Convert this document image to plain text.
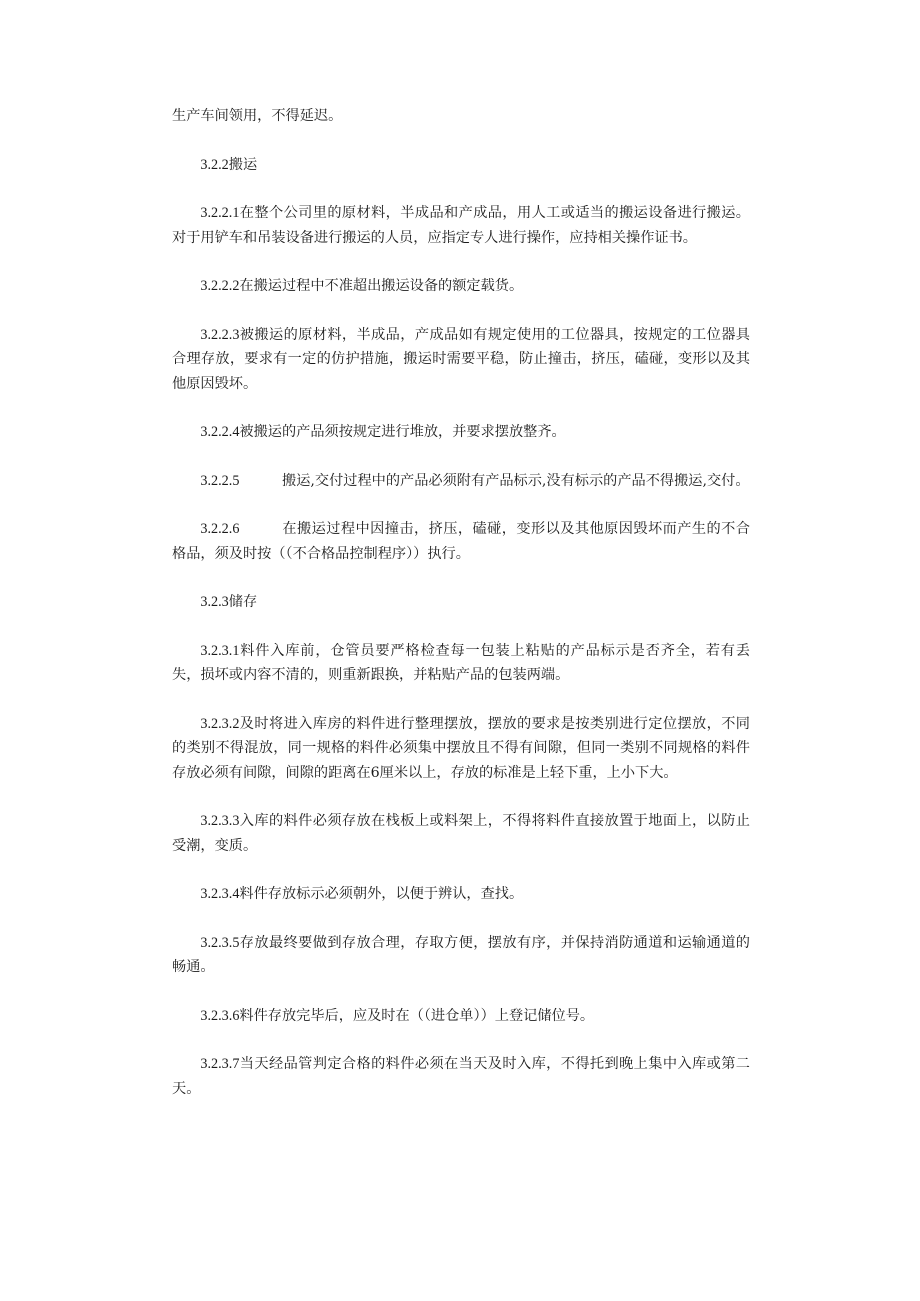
生产车间领用，不得延迟。

3.2.2搬运

3.2.2.1在整个公司里的原材料，半成品和产成品，用人工或适当的搬运设备进行搬运。对于用铲车和吊装设备进行搬运的人员，应指定专人进行操作，应持相关操作证书。

3.2.2.2在搬运过程中不准超出搬运设备的额定载货。

3.2.2.3被搬运的原材料，半成品，产成品如有规定使用的工位器具，按规定的工位器具合理存放，要求有一定的仿护措施，搬运时需要平稳，防止撞击，挤压，磕碰，变形以及其他原因毁坏。

3.2.2.4被搬运的产品须按规定进行堆放，并要求摆放整齐。

3.2.2.5	搬运,交付过程中的产品必须附有产品标示,没有标示的产品不得搬运,交付。

3.2.2.6	在搬运过程中因撞击，挤压，磕碰，变形以及其他原因毁坏而产生的不合格品，须及时按（（不合格品控制程序））执行。

3.2.3储存

3.2.3.1料件入库前，仓管员要严格检查每一包装上粘贴的产品标示是否齐全，若有丢失，损坏或内容不清的，则重新跟换，并粘贴产品的包装两端。

3.2.3.2及时将进入库房的料件进行整理摆放，摆放的要求是按类别进行定位摆放，不同的类别不得混放，同一规格的料件必须集中摆放且不得有间隙，但同一类别不同规格的料件存放必须有间隙，间隙的距离在6厘米以上，存放的标准是上轻下重，上小下大。

3.2.3.3入库的料件必须存放在栈板上或料架上，不得将料件直接放置于地面上，以防止受潮，变质。

3.2.3.4料件存放标示必须朝外，以便于辨认，查找。

3.2.3.5存放最终要做到存放合理，存取方便，摆放有序，并保持消防通道和运输通道的畅通。

3.2.3.6料件存放完毕后，应及时在（（进仓单））上登记储位号。

3.2.3.7当天经品管判定合格的料件必须在当天及时入库，不得托到晚上集中入库或第二天。
